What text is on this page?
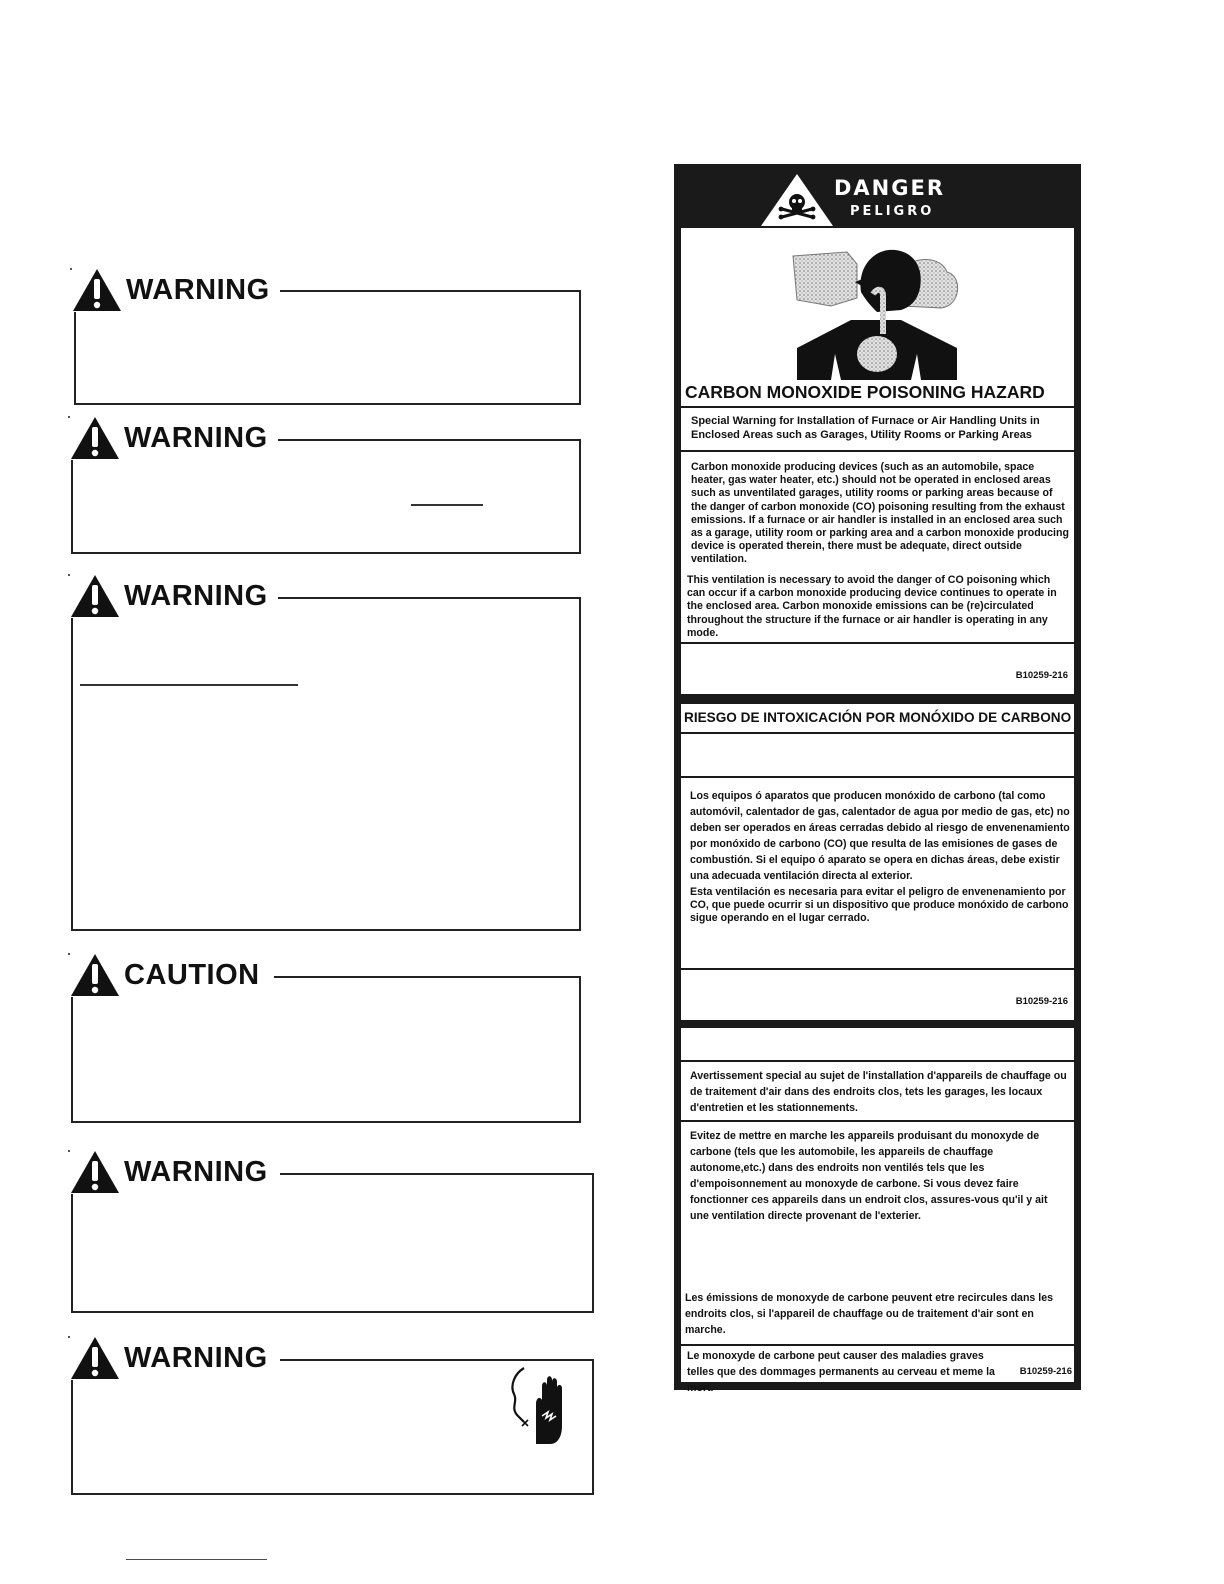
WARNING
WARNING
WARNING
CAUTION
WARNING
WARNING
DANGER
PELIGRO
CARBON MONOXIDE POISONING HAZARD
Special Warning for Installation of Furnace or Air Handling Units in Enclosed Areas such as Garages, Utility Rooms or Parking Areas
Carbon monoxide producing devices (such as an automobile, space heater, gas water heater, etc.) should not be operated in enclosed areas such as unventilated garages, utility rooms or parking areas because of the danger of carbon monoxide (CO) poisoning resulting from the exhaust emissions. If a furnace or air handler is installed in an enclosed area such as a garage, utility room or parking area and a carbon monoxide producing device is operated therein, there must be adequate, direct outside ventilation.
This ventilation is necessary to avoid the danger of CO poisoning which can occur if a carbon monoxide producing device continues to operate in the enclosed area. Carbon monoxide emissions can be (re)circulated throughout the structure if the furnace or air handler is operating in any mode.
B10259-216
RIESGO DE INTOXICACIÓN POR MONÓXIDO DE CARBONO
Los equipos ó aparatos que producen monóxido de carbono (tal como automóvil, calentador de gas, calentador de agua por medio de gas, etc) no deben ser operados en áreas cerradas debido al riesgo de envenenamiento por monóxido de carbono (CO) que resulta de las emisiones de gases de combustión. Si el equipo ó aparato se opera en dichas áreas, debe existir una adecuada ventilación directa al exterior.
Esta ventilación es necesaria para evitar el peligro de envenenamiento por CO, que puede ocurrir si un dispositivo que produce monóxido de carbono sigue operando en el lugar cerrado.
B10259-216
Avertissement special au sujet de l'installation d'appareils de chauffage ou de traitement d'air dans des endroits clos, tets les garages, les locaux d'entretien et les stationnements.
Evitez de mettre en marche les appareils produisant du monoxyde de carbone (tels que les automobile, les appareils de chauffage autonome,etc.) dans des endroits non ventilés tels que les d'empoisonnement au monoxyde de carbone. Si vous devez faire fonctionner ces appareils dans un endroit clos, assures-vous qu'il y ait une ventilation directe provenant de l'exterier.
Les émissions de monoxyde de carbone peuvent etre recircules dans les endroits clos, si l'appareil de chauffage ou de traitement d'air sont en marche.
Le monoxyde de carbone peut causer des maladies graves telles que des dommages permanents au cerveau et meme la mort.
B10259-216
